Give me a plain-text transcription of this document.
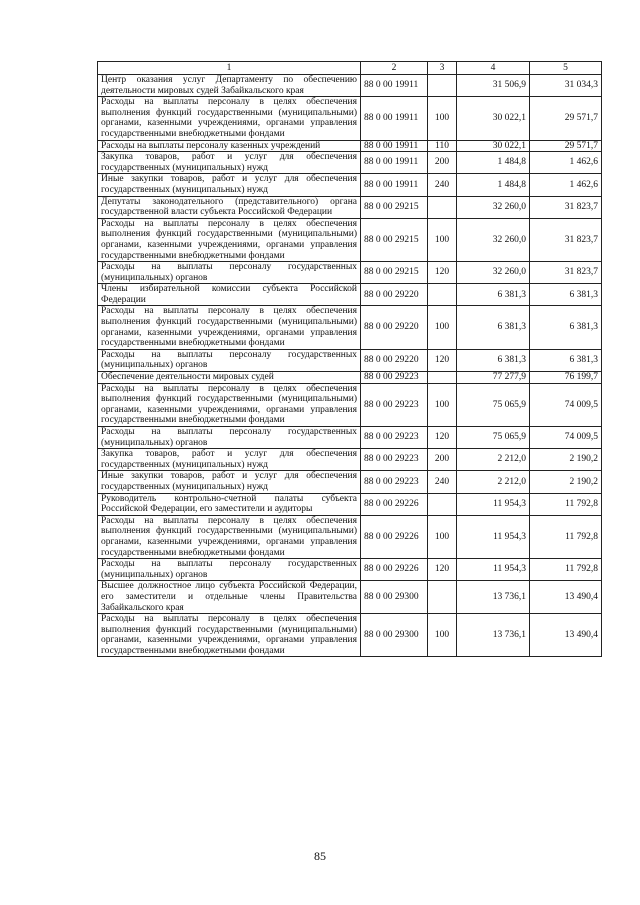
1	2	3	4	5
Центр оказания услуг Департаменту по обеспечению деятельности мировых судей Забайкальского края	88 0 00 19911		31 506,9	31 034,3
Расходы на выплаты персоналу в целях обеспечения выполнения функций государственными (муниципальными) органами, казенными учреждениями, органами управления государственными внебюджетными фондами	88 0 00 19911	100	30 022,1	29 571,7
Расходы на выплаты персоналу казенных учреждений	88 0 00 19911	110	30 022,1	29 571,7
Закупка товаров, работ и услуг для обеспечения государственных (муниципальных) нужд	88 0 00 19911	200	1 484,8	1 462,6
Иные закупки товаров, работ и услуг для обеспечения государственных (муниципальных) нужд	88 0 00 19911	240	1 484,8	1 462,6
Депутаты законодательного (представительного) органа государственной власти субъекта Российской Федерации	88 0 00 29215		32 260,0	31 823,7
Расходы на выплаты персоналу в целях обеспечения выполнения функций государственными (муниципальными) органами, казенными учреждениями, органами управления государственными внебюджетными фондами	88 0 00 29215	100	32 260,0	31 823,7
Расходы на выплаты персоналу государственных (муниципальных) органов	88 0 00 29215	120	32 260,0	31 823,7
Члены избирательной комиссии субъекта Российской Федерации	88 0 00 29220		6 381,3	6 381,3
Расходы на выплаты персоналу в целях обеспечения выполнения функций государственными (муниципальными) органами, казенными учреждениями, органами управления государственными внебюджетными фондами	88 0 00 29220	100	6 381,3	6 381,3
Расходы на выплаты персоналу государственных (муниципальных) органов	88 0 00 29220	120	6 381,3	6 381,3
Обеспечение деятельности мировых судей	88 0 00 29223		77 277,9	76 199,7
Расходы на выплаты персоналу в целях обеспечения выполнения функций государственными (муниципальными) органами, казенными учреждениями, органами управления государственными внебюджетными фондами	88 0 00 29223	100	75 065,9	74 009,5
Расходы на выплаты персоналу государственных (муниципальных) органов	88 0 00 29223	120	75 065,9	74 009,5
Закупка товаров, работ и услуг для обеспечения государственных (муниципальных) нужд	88 0 00 29223	200	2 212,0	2 190,2
Иные закупки товаров, работ и услуг для обеспечения государственных (муниципальных) нужд	88 0 00 29223	240	2 212,0	2 190,2
Руководитель контрольно-счетной палаты субъекта Российской Федерации, его заместители и аудиторы	88 0 00 29226		11 954,3	11 792,8
Расходы на выплаты персоналу в целях обеспечения выполнения функций государственными (муниципальными) органами, казенными учреждениями, органами управления государственными внебюджетными фондами	88 0 00 29226	100	11 954,3	11 792,8
Расходы на выплаты персоналу государственных (муниципальных) органов	88 0 00 29226	120	11 954,3	11 792,8
Высшее должностное лицо субъекта Российской Федерации, его заместители и отдельные члены Правительства Забайкальского края	88 0 00 29300		13 736,1	13 490,4
Расходы на выплаты персоналу в целях обеспечения выполнения функций государственными (муниципальными) органами, казенными учреждениями, органами управления государственными внебюджетными фондами	88 0 00 29300	100	13 736,1	13 490,4
85
